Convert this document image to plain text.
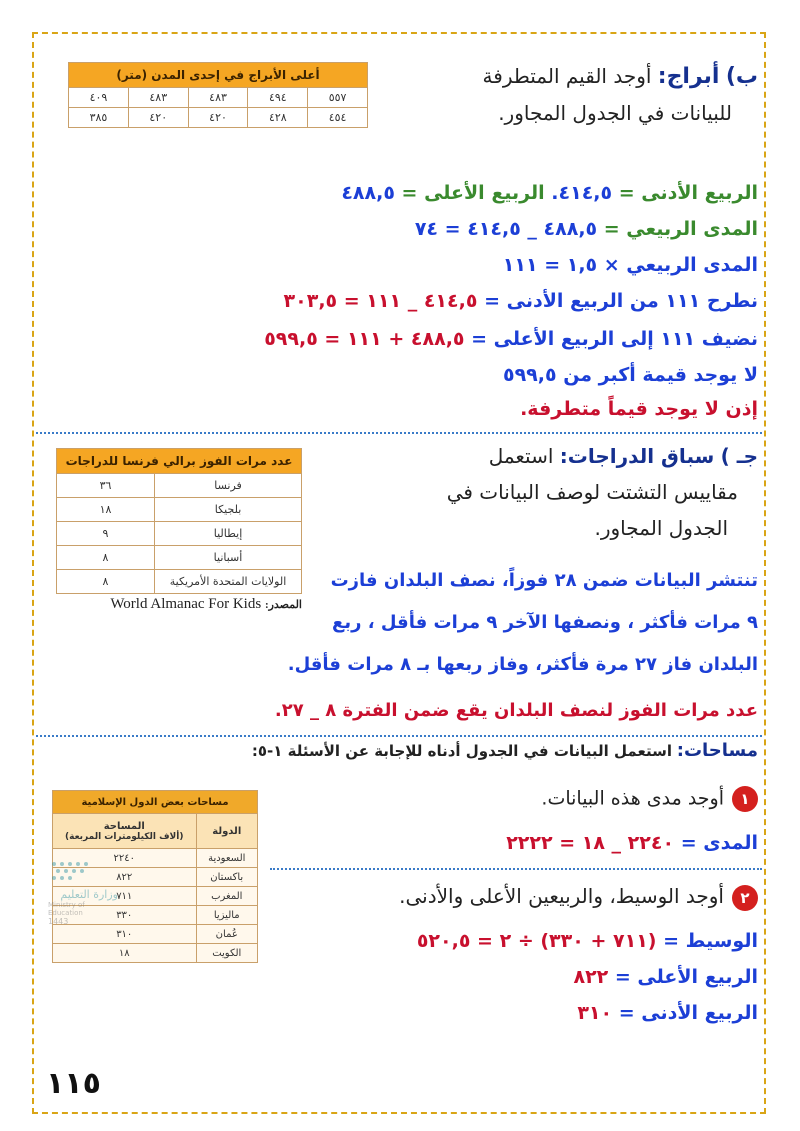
ب) أبراج: أوجد القيم المتطرفة
للبيانات في الجدول المجاور.
أعلى الأبراج في إحدى المدن (متر)				
٥٥٧	٤٩٤	٤٨٣	٤٨٣	٤٠٩
٤٥٤	٤٢٨	٤٢٠	٤٢٠	٣٨٥
الربيع الأدنى = ٤١٤,٥. الربيع الأعلى = ٤٨٨,٥
المدى الربيعي = ٤٨٨,٥ _ ٤١٤,٥ = ٧٤
المدى الربيعي × ١,٥ = ١١١
نطرح ١١١ من الربيع الأدنى = ٤١٤,٥ _ ١١١ = ٣٠٣,٥
نضيف ١١١ إلى الربيع الأعلى = ٤٨٨,٥ + ١١١ = ٥٩٩,٥
لا يوجد قيمة أكبر من ٥٩٩,٥
إذن لا يوجد قيماً متطرفة.
جـ ) سباق الدراجات: استعمل
مقاييس التشتت لوصف البيانات في
الجدول المجاور.
عدد مرات الفوز برالي فرنسا للدراجات	
فرنسا	٣٦
بلجيكا	١٨
إيطاليا	٩
أسبانيا	٨
الولايات المتحدة الأمريكية	٨
المصدر: World Almanac For Kids
تنتشر البيانات ضمن ٢٨ فوزاً، نصف البلدان فازت
٩ مرات فأكثر ، ونصفها الآخر ٩ مرات فأقل ، ربع
البلدان فاز ٢٧ مرة فأكثر، وفاز ربعها بـ ٨ مرات فأقل.
عدد مرات الفوز لنصف البلدان يقع ضمن الفترة ٨ _ ٢٧.
مساحات: استعمل البيانات في الجدول أدناه للإجابة عن الأسئلة ١-٥:
مساحات بعض الدول الإسلامية	
الدولة	المساحة
(ألاف الكيلومترات المربعة)

السعودية	٢٢٤٠
باكستان	٨٢٢
المغرب	٧١١
ماليزيا	٣٣٠
عُمان	٣١٠
الكويت	١٨
وزارة التعليم
Ministry of Education
1443
١أوجد مدى هذه البيانات.
المدى = ٢٢٤٠ _ ١٨ = ٢٢٢٢
٢أوجد الوسيط، والربيعين الأعلى والأدنى.
الوسيط = (٧١١ + ٣٣٠) ÷ ٢ = ٥٢٠,٥
الربيع الأعلى = ٨٢٢
الربيع الأدنى = ٣١٠
١١٥
